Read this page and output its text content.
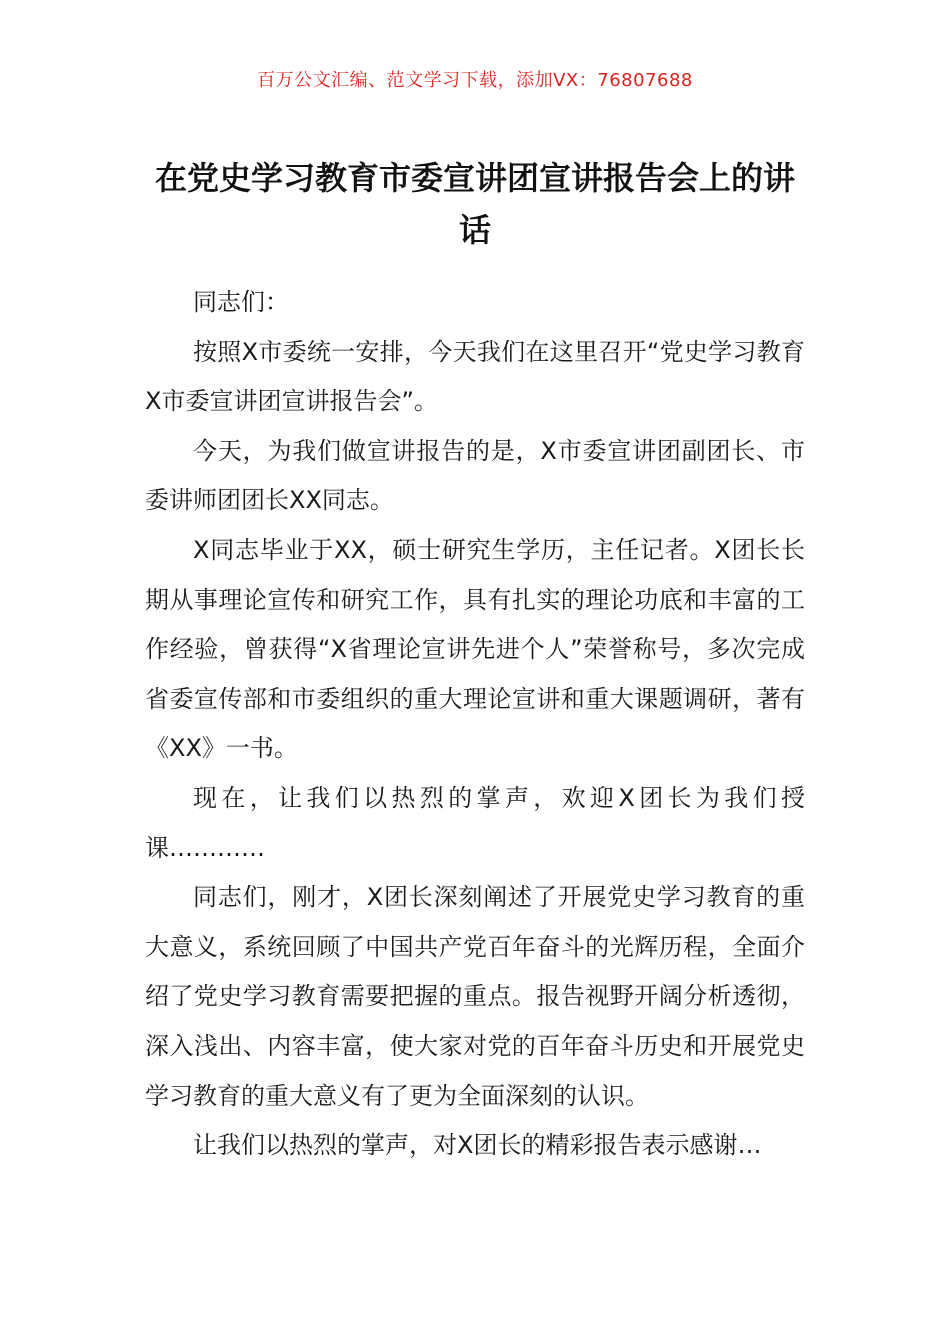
百万公文汇编、范文学习下载，添加VX：76807688
在党史学习教育市委宣讲团宣讲报告会上的讲话

同志们：

按照X市委统一安排，今天我们在这里召开“党史学习教育X市委宣讲团宣讲报告会”。

今天，为我们做宣讲报告的是，X市委宣讲团副团长、市委讲师团团长XX同志。

X同志毕业于XX，硕士研究生学历，主任记者。X团长长期从事理论宣传和研究工作，具有扎实的理论功底和丰富的工作经验，曾获得“X省理论宣讲先进个人”荣誉称号，多次完成省委宣传部和市委组织的重大理论宣讲和重大课题调研，著有《XX》一书。

现在，让我们以热烈的掌声，欢迎X团长为我们授课…………

同志们，刚才，X团长深刻阐述了开展党史学习教育的重大意义，系统回顾了中国共产党百年奋斗的光辉历程，全面介绍了党史学习教育需要把握的重点。报告视野开阔分析透彻，深入浅出、内容丰富，使大家对党的百年奋斗历史和开展党史学习教育的重大意义有了更为全面深刻的认识。

让我们以热烈的掌声，对X团长的精彩报告表示感谢…
